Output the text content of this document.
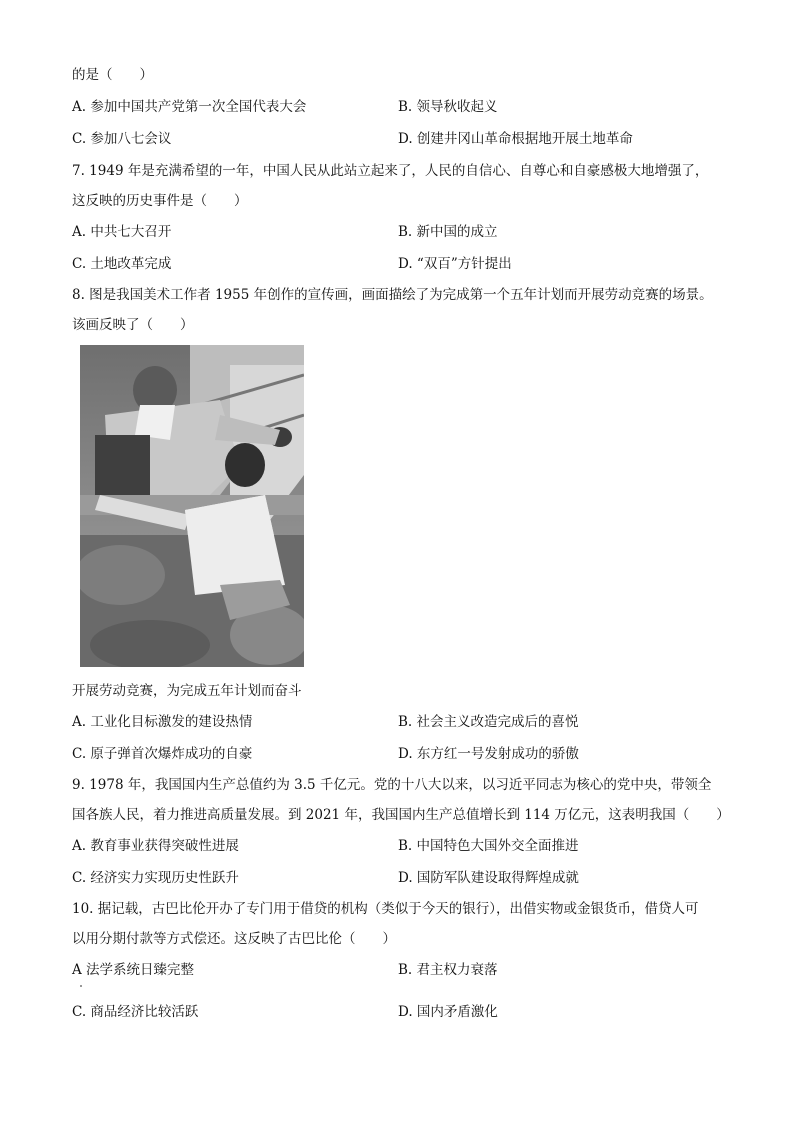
的是（　　）
A. 参加中国共产党第一次全国代表大会	B. 领导秋收起义
C. 参加八七会议	D. 创建井冈山革命根据地开展土地革命
7. 1949 年是充满希望的一年，中国人民从此站立起来了，人民的自信心、自尊心和自豪感极大地增强了，
这反映的历史事件是（　　）
A. 中共七大召开	B. 新中国的成立
C. 土地改革完成	D. “双百”方针提出
8. 图是我国美术工作者 1955 年创作的宣传画，画面描绘了为完成第一个五年计划而开展劳动竞赛的场景。
该画反映了（　　）
开展劳动竞赛，为完成五年计划而奋斗
A. 工业化目标激发的建设热情	B. 社会主义改造完成后的喜悦
C. 原子弹首次爆炸成功的自豪	D. 东方红一号发射成功的骄傲
9. 1978 年，我国国内生产总值约为 3.5 千亿元。党的十八大以来，以习近平同志为核心的党中央，带领全
国各族人民，着力推进高质量发展。到 2021 年，我国国内生产总值增长到 114 万亿元，这表明我国（　　）
A. 教育事业获得突破性进展	B. 中国特色大国外交全面推进
C. 经济实力实现历史性跃升	D. 国防军队建设取得辉煌成就
10. 据记载，古巴比伦开办了专门用于借贷的机构（类似于今天的银行），出借实物或金银货币，借贷人可
以用分期付款等方式偿还。这反映了古巴比伦（　　）
A 法学系统日臻完整	B. 君主权力衰落
C. 商品经济比较活跃	D. 国内矛盾激化
